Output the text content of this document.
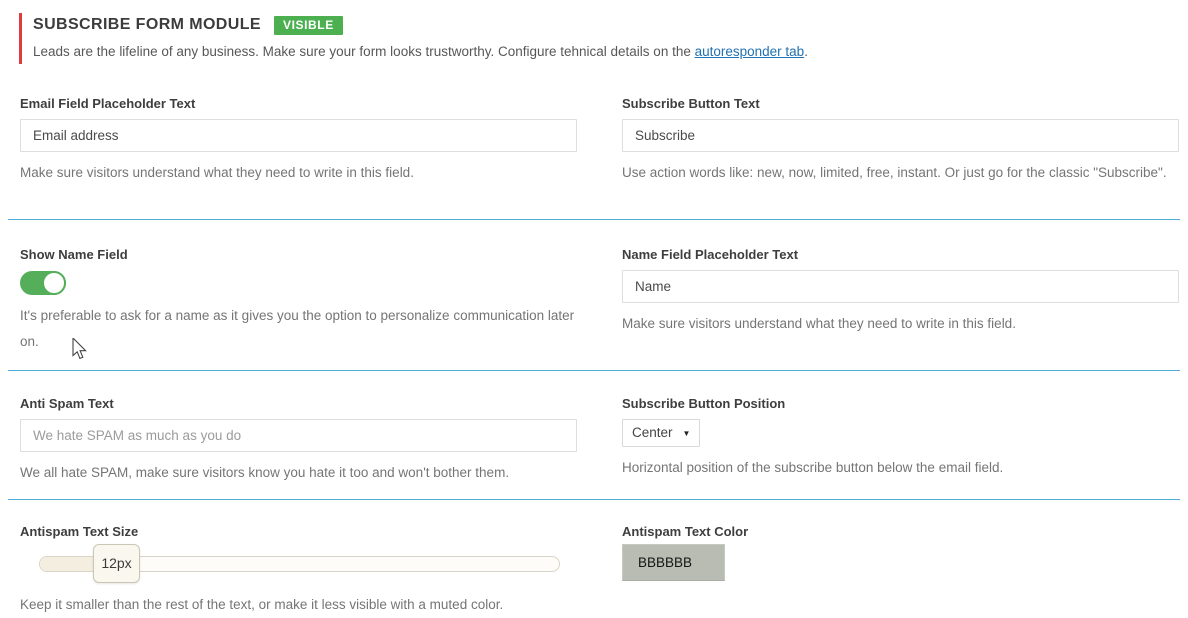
SUBSCRIBE FORM MODULE	VISIBLE
Leads are the lifeline of any business. Make sure your form looks trustworthy. Configure tehnical details on the autoresponder tab.
Email Field Placeholder Text
Email address
Make sure visitors understand what they need to write in this field.
Subscribe Button Text
Subscribe
Use action words like: new, now, limited, free, instant. Or just go for the classic "Subscribe".
Show Name Field
It's preferable to ask for a name as it gives you the option to personalize communication later on.
Name Field Placeholder Text
Name
Make sure visitors understand what they need to write in this field.
Anti Spam Text
We hate SPAM as much as you do
We all hate SPAM, make sure visitors know you hate it too and won't bother them.
Subscribe Button Position
Center ▼
Horizontal position of the subscribe button below the email field.
Antispam Text Size
12px
Keep it smaller than the rest of the text, or make it less visible with a muted color.
Antispam Text Color
BBBBBB
